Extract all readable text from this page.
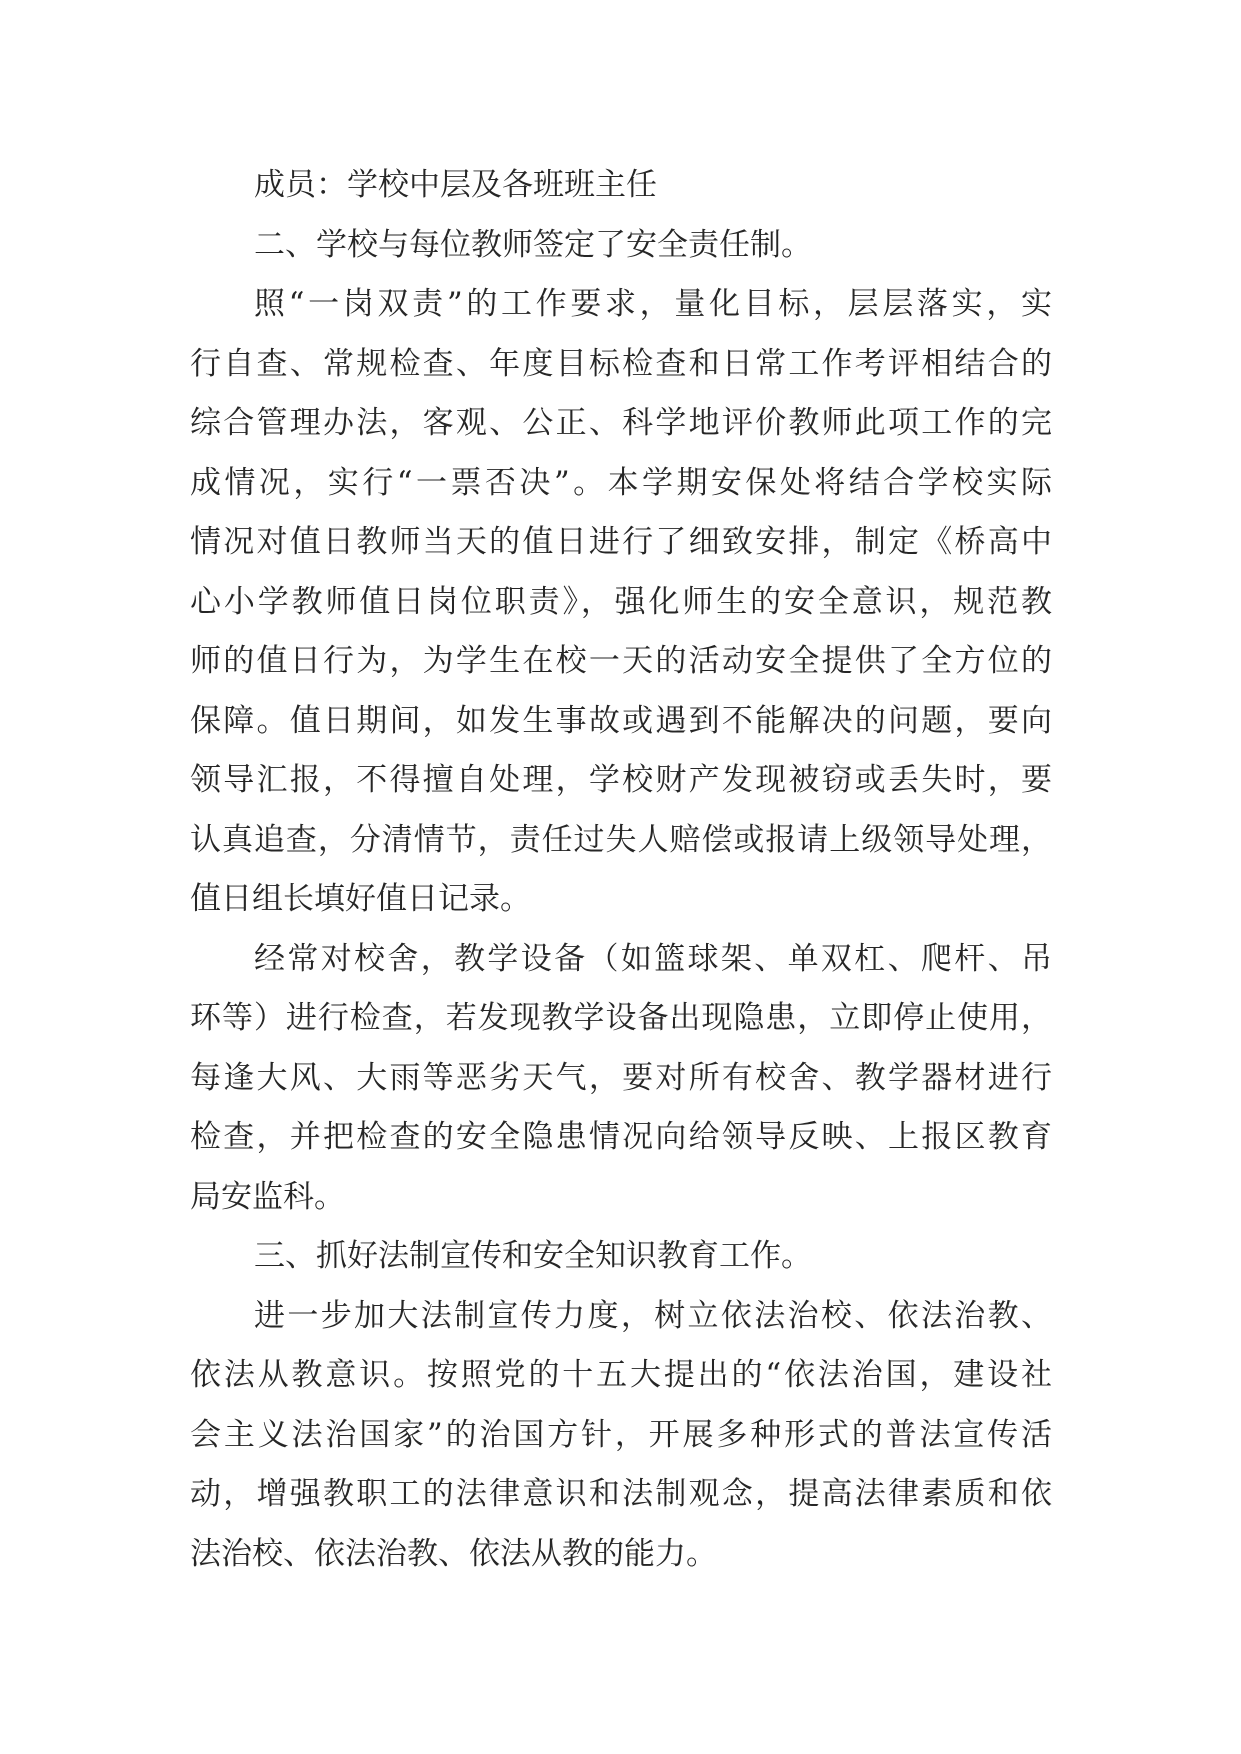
成员：学校中层及各班班主任
二、学校与每位教师签定了安全责任制。
照“一岗双责”的工作要求，量化目标，层层落实，实
行自查、常规检查、年度目标检查和日常工作考评相结合的
综合管理办法，客观、公正、科学地评价教师此项工作的完
成情况，实行“一票否决”。本学期安保处将结合学校实际
情况对值日教师当天的值日进行了细致安排，制定《桥高中
心小学教师值日岗位职责》，强化师生的安全意识，规范教
师的值日行为，为学生在校一天的活动安全提供了全方位的
保障。值日期间，如发生事故或遇到不能解决的问题，要向
领导汇报，不得擅自处理，学校财产发现被窃或丢失时，要
认真追查，分清情节，责任过失人赔偿或报请上级领导处理，
值日组长填好值日记录。
经常对校舍，教学设备（如篮球架、单双杠、爬杆、吊
环等）进行检查，若发现教学设备出现隐患，立即停止使用，
每逢大风、大雨等恶劣天气，要对所有校舍、教学器材进行
检查，并把检查的安全隐患情况向给领导反映、上报区教育
局安监科。
三、抓好法制宣传和安全知识教育工作。
进一步加大法制宣传力度，树立依法治校、依法治教、
依法从教意识。按照党的十五大提出的“依法治国，建设社
会主义法治国家”的治国方针，开展多种形式的普法宣传活
动，增强教职工的法律意识和法制观念，提高法律素质和依
法治校、依法治教、依法从教的能力。
